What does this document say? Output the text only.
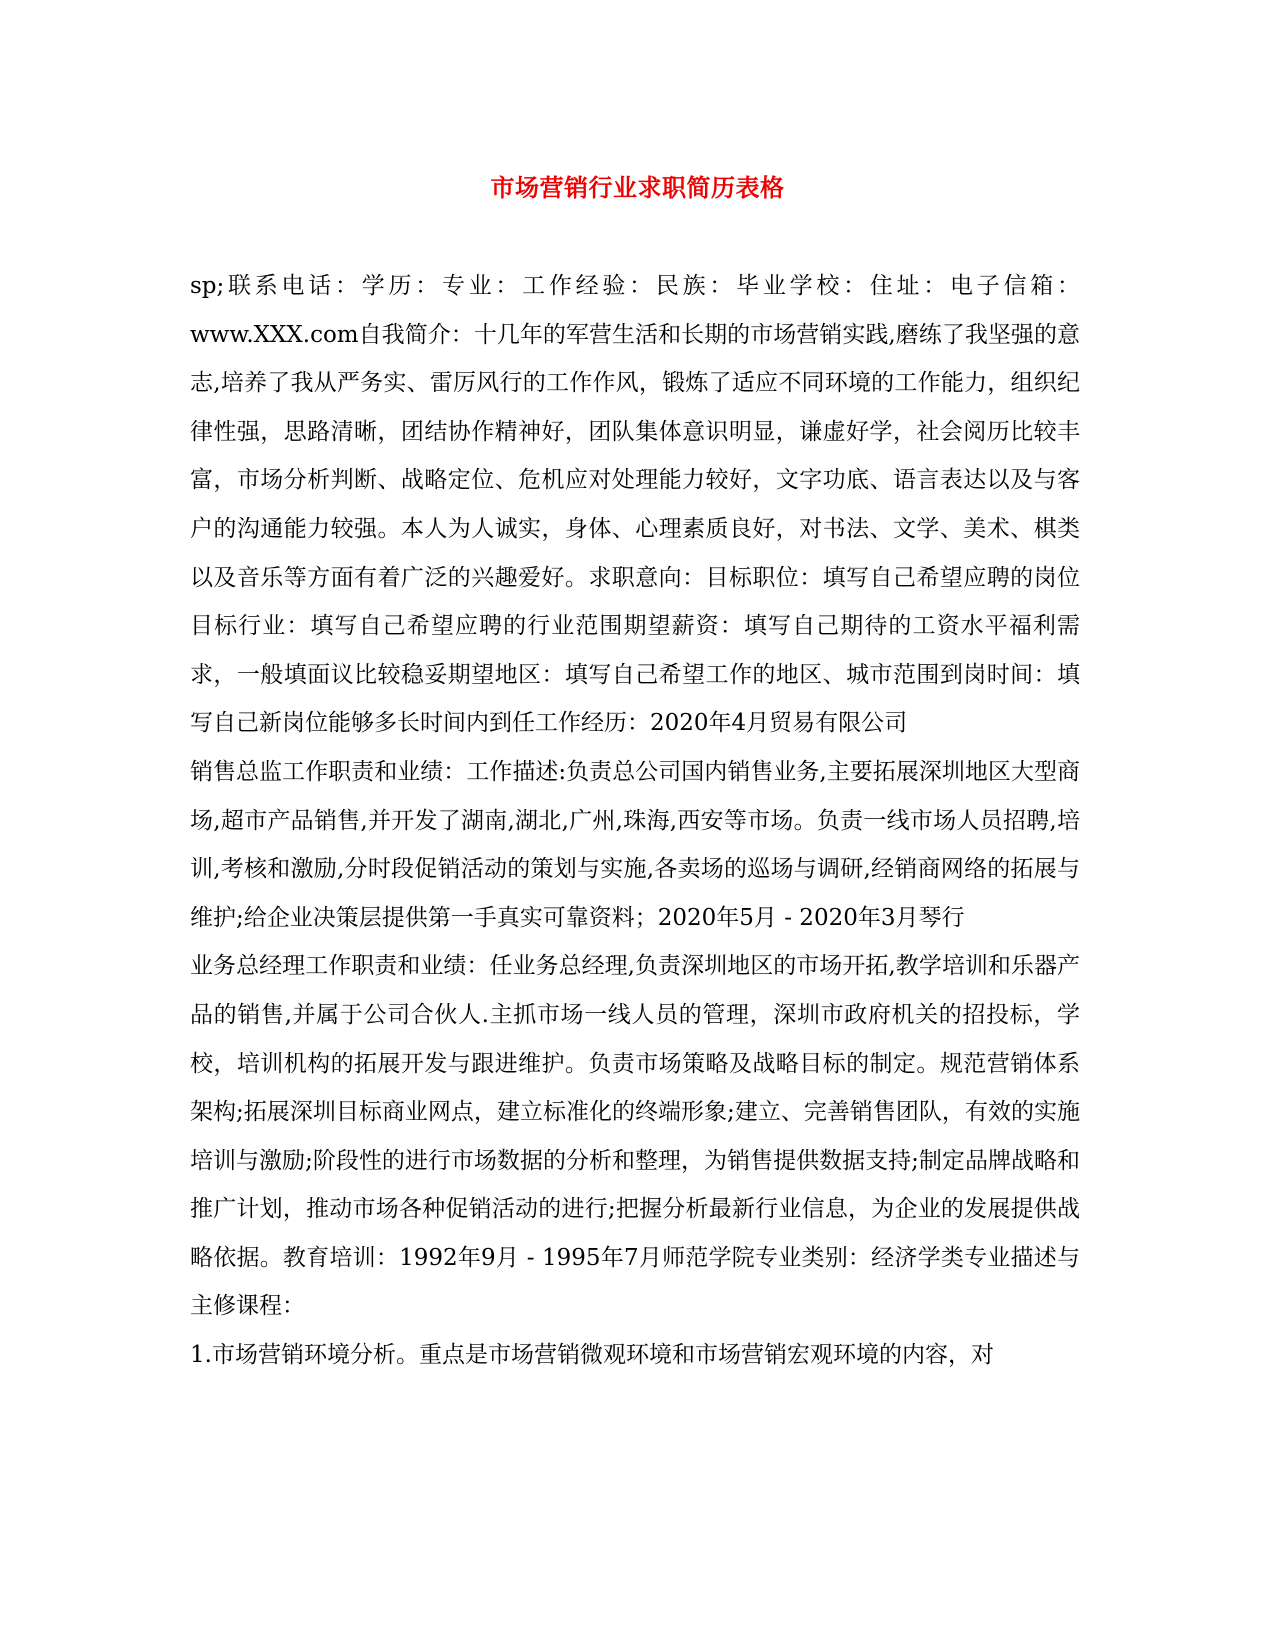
市场营销行业求职简历表格

sp;联系电话：学历：专业：工作经验：民族：毕业学校：住址：电子信箱：www.XXX.com自我简介：十几年的军营生活和长期的市场营销实践,磨练了我坚强的意志,培养了我从严务实、雷厉风行的工作作风，锻炼了适应不同环境的工作能力，组织纪律性强，思路清晰，团结协作精神好，团队集体意识明显，谦虚好学，社会阅历比较丰富，市场分析判断、战略定位、危机应对处理能力较好，文字功底、语言表达以及与客户的沟通能力较强。本人为人诚实，身体、心理素质良好，对书法、文学、美术、棋类以及音乐等方面有着广泛的兴趣爱好。求职意向：目标职位：填写自己希望应聘的岗位目标行业：填写自己希望应聘的行业范围期望薪资：填写自己期待的工资水平福利需求，一般填面议比较稳妥期望地区：填写自己希望工作的地区、城市范围到岗时间：填写自己新岗位能够多长时间内到任工作经历：2020年4月贸易有限公司

销售总监工作职责和业绩：工作描述:负责总公司国内销售业务,主要拓展深圳地区大型商场,超市产品销售,并开发了湖南,湖北,广州,珠海,西安等市场。负责一线市场人员招聘,培训,考核和激励,分时段促销活动的策划与实施,各卖场的巡场与调研,经销商网络的拓展与维护;给企业决策层提供第一手真实可靠资料；2020年5月 - 2020年3月琴行

业务总经理工作职责和业绩：任业务总经理,负责深圳地区的市场开拓,教学培训和乐器产品的销售,并属于公司合伙人.主抓市场一线人员的管理，深圳市政府机关的招投标，学校，培训机构的拓展开发与跟进维护。负责市场策略及战略目标的制定。规范营销体系架构;拓展深圳目标商业网点，建立标准化的终端形象;建立、完善销售团队，有效的实施培训与激励;阶段性的进行市场数据的分析和整理，为销售提供数据支持;制定品牌战略和推广计划，推动市场各种促销活动的进行;把握分析最新行业信息，为企业的发展提供战略依据。教育培训：1992年9月 - 1995年7月师范学院专业类别：经济学类专业描述与主修课程：

1.市场营销环境分析。重点是市场营销微观环境和市场营销宏观环境的内容，对
